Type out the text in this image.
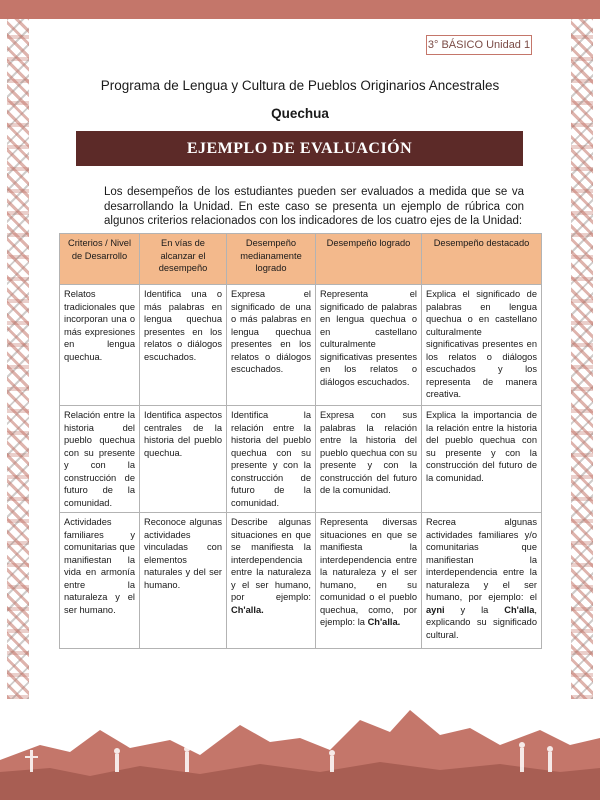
3° BÁSICO Unidad 1
Programa de Lengua y Cultura de Pueblos Originarios Ancestrales
Quechua
EJEMPLO DE EVALUACIÓN
Los desempeños de los estudiantes pueden ser evaluados a medida que se va desarrollando la Unidad. En este caso se presenta un ejemplo de rúbrica con algunos criterios relacionados con los indicadores de los cuatro ejes de la Unidad:
Criterios / Nivel de Desarrollo	En vías de alcanzar el desempeño	Desempeño medianamente logrado	Desempeño logrado	Desempeño destacado
Relatos tradicionales que incorporan una o más expresiones en lengua quechua.	Identifica una o más palabras en lengua quechua presentes en los relatos o diálogos escuchados.	Expresa el significado de una o más palabras en lengua quechua presentes en los relatos o diálogos escuchados.	Representa el significado de palabras en lengua quechua o en castellano culturalmente significativas presentes en los relatos o diálogos escuchados.	Explica el significado de palabras en lengua quechua o en castellano culturalmente significativas presentes en los relatos o diálogos escuchados y los representa de manera creativa.
Relación entre la historia del pueblo quechua con su presente y con la construcción de futuro de la comunidad.	Identifica aspectos centrales de la historia del pueblo quechua.	Identifica la relación entre la historia del pueblo quechua con su presente y con la construcción de futuro de la comunidad.	Expresa con sus palabras la relación entre la historia del pueblo quechua con su presente y con la construcción del futuro de la comunidad.	Explica la importancia de la relación entre la historia del pueblo quechua con su presente y con la construcción del futuro de la comunidad.
Actividades familiares y comunitarias que manifiestan la vida en armonía entre la naturaleza y el ser humano.	Reconoce algunas actividades vinculadas con elementos naturales y del ser humano.	Describe algunas situaciones en que se manifiesta la interdependencia entre la naturaleza y el ser humano, por ejemplo: Ch'alla.	Representa diversas situaciones en que se manifiesta la interdependencia entre la naturaleza y el ser humano, en su comunidad o el pueblo quechua, como, por ejemplo: la Ch'alla.	Recrea algunas actividades familiares y/o comunitarias que manifiestan la interdependencia entre la naturaleza y el ser humano, por ejemplo: el ayni y la Ch'alla, explicando su significado cultural.
